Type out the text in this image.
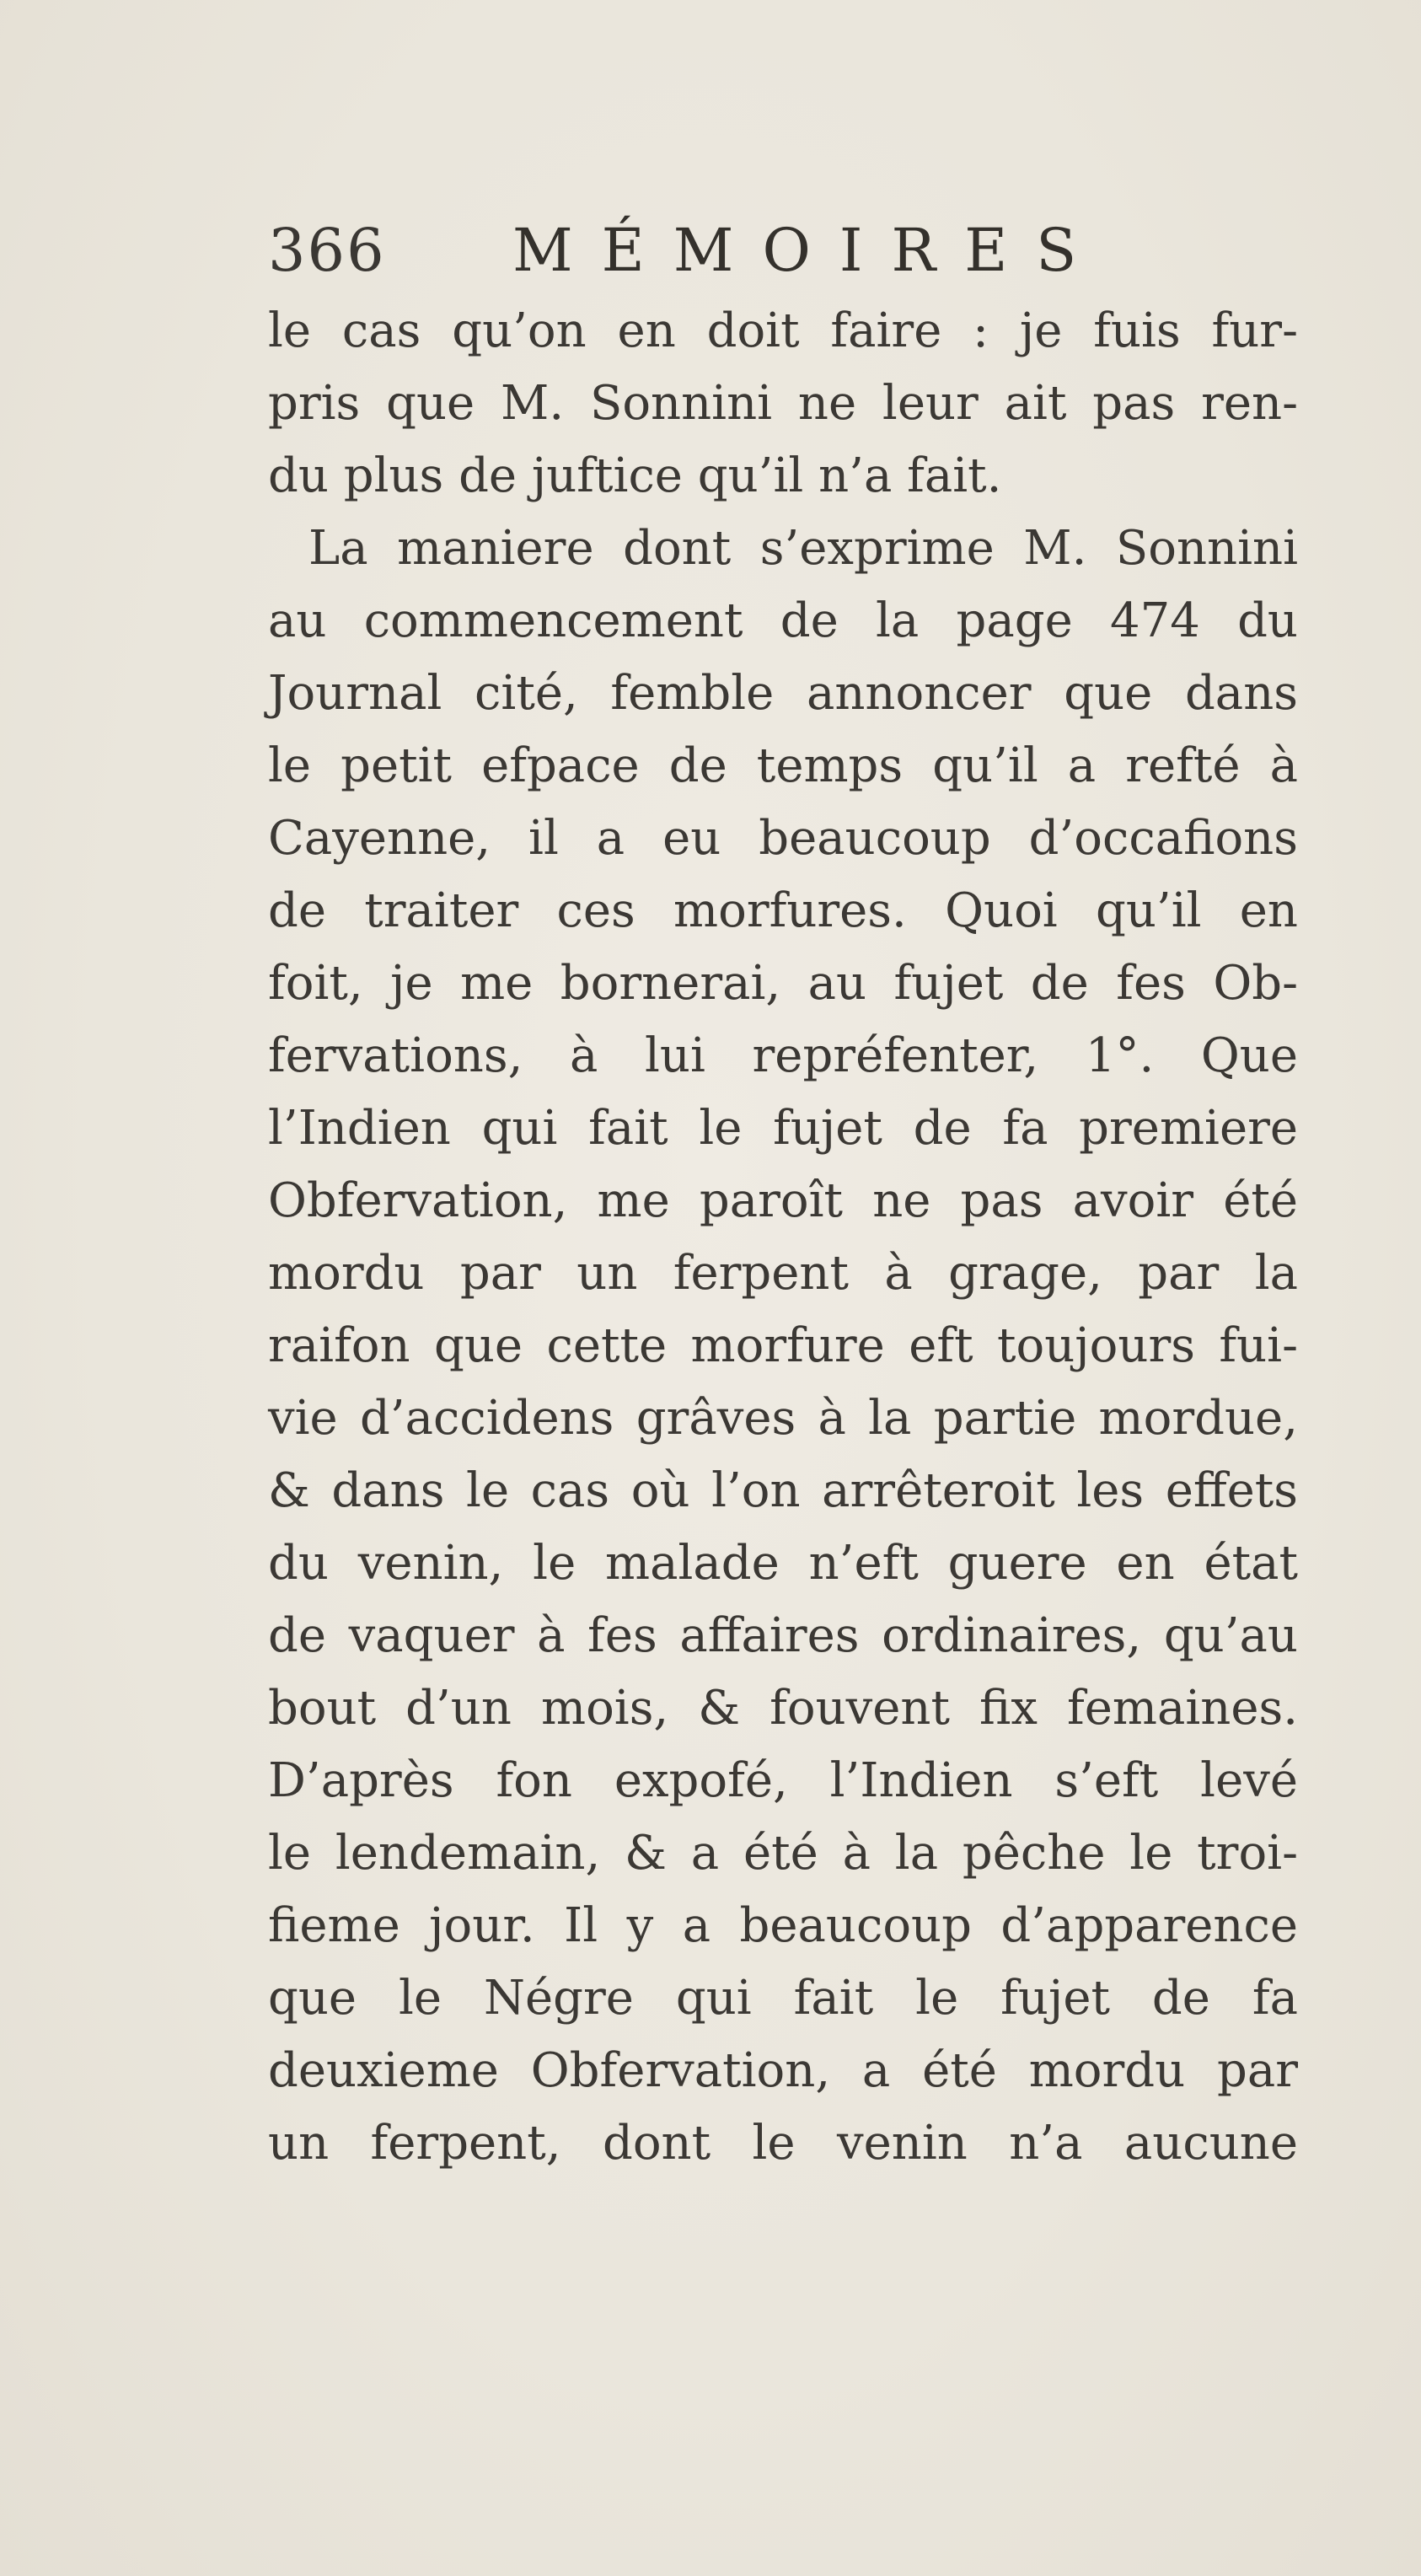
366 MÉMOIRES
le cas qu’on en doit faire : je fuis fur-
pris que M. Sonnini ne leur ait pas ren-
du plus de juftice qu’il n’a fait.
La maniere dont s’exprime M. Sonnini
au commencement de la page 474 du
Journal cité, femble annoncer que dans
le petit efpace de temps qu’il a refté à
Cayenne, il a eu beaucoup d’occafions
de traiter ces morfures. Quoi qu’il en
foit, je me bornerai, au fujet de fes Ob-
fervations, à lui repréfenter, 1°. Que
l’Indien qui fait le fujet de fa premiere
Obfervation, me paroît ne pas avoir été
mordu par un ferpent à grage, par la
raifon que cette morfure eft toujours fui-
vie d’accidens grâves à la partie mordue,
& dans le cas où l’on arrêteroit les effets
du venin, le malade n’eft guere en état
de vaquer à fes affaires ordinaires, qu’au
bout d’un mois, & fouvent fix femaines.
D’après fon expofé, l’Indien s’eft levé
le lendemain, & a été à la pêche le troi-
fieme jour. Il y a beaucoup d’apparence
que le Négre qui fait le fujet de fa
deuxieme Obfervation, a été mordu par
un ferpent, dont le venin n’a aucune
